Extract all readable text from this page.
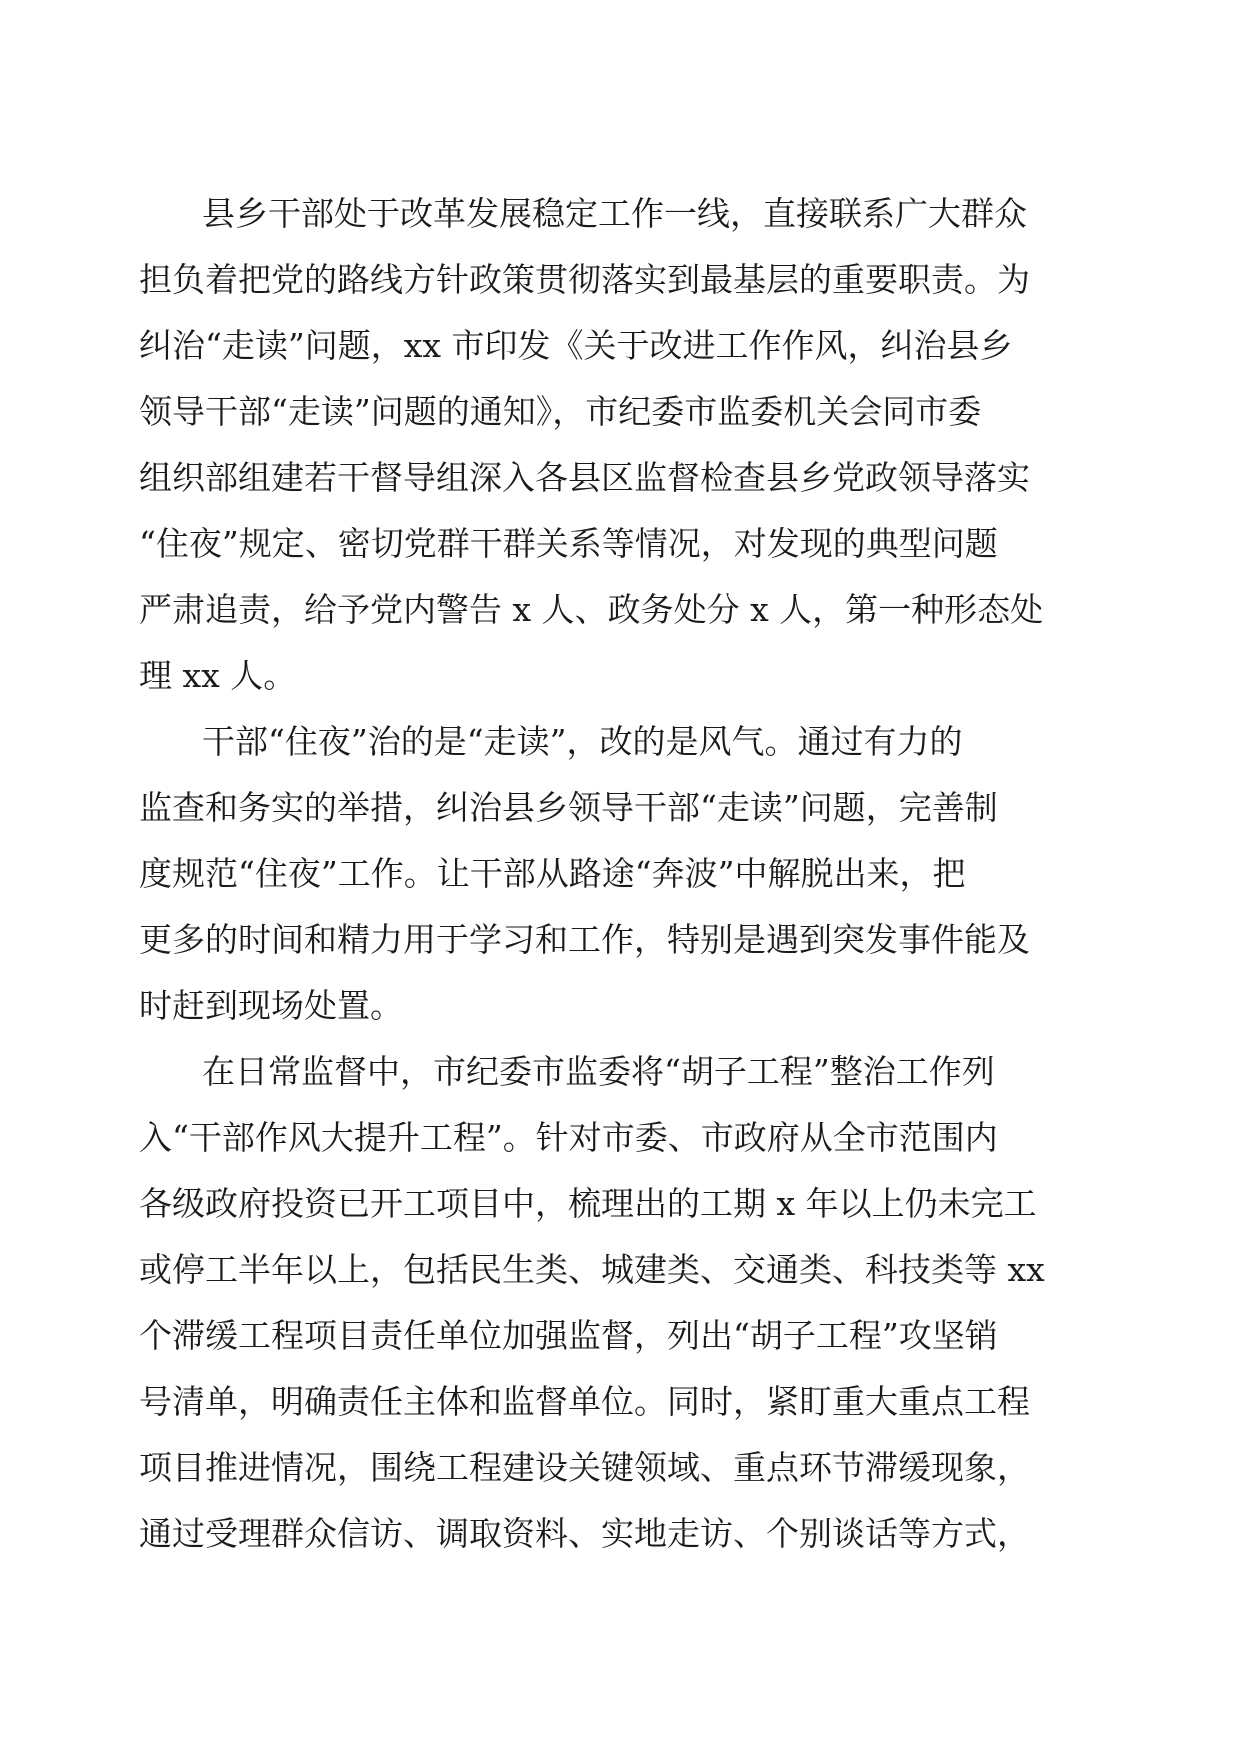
县乡干部处于改革发展稳定工作一线，直接联系广大群众

担负着把党的路线方针政策贯彻落实到最基层的重要职责。为

纠治“走读”问题，xx 市印发《关于改进工作作风，纠治县乡

领导干部“走读”问题的通知》，市纪委市监委机关会同市委

组织部组建若干督导组深入各县区监督检查县乡党政领导落实

“住夜”规定、密切党群干群关系等情况，对发现的典型问题

严肃追责，给予党内警告 x 人、政务处分 x 人，第一种形态处

理 xx 人。

干部“住夜”治的是“走读”，改的是风气。通过有力的

监查和务实的举措，纠治县乡领导干部“走读”问题，完善制

度规范“住夜”工作。让干部从路途“奔波”中解脱出来，把

更多的时间和精力用于学习和工作，特别是遇到突发事件能及

时赶到现场处置。

在日常监督中，市纪委市监委将“胡子工程”整治工作列

入“干部作风大提升工程”。针对市委、市政府从全市范围内

各级政府投资已开工项目中，梳理出的工期 x 年以上仍未完工

或停工半年以上，包括民生类、城建类、交通类、科技类等 xx

个滞缓工程项目责任单位加强监督，列出“胡子工程”攻坚销

号清单，明确责任主体和监督单位。同时，紧盯重大重点工程

项目推进情况，围绕工程建设关键领域、重点环节滞缓现象，

通过受理群众信访、调取资料、实地走访、个别谈话等方式，
